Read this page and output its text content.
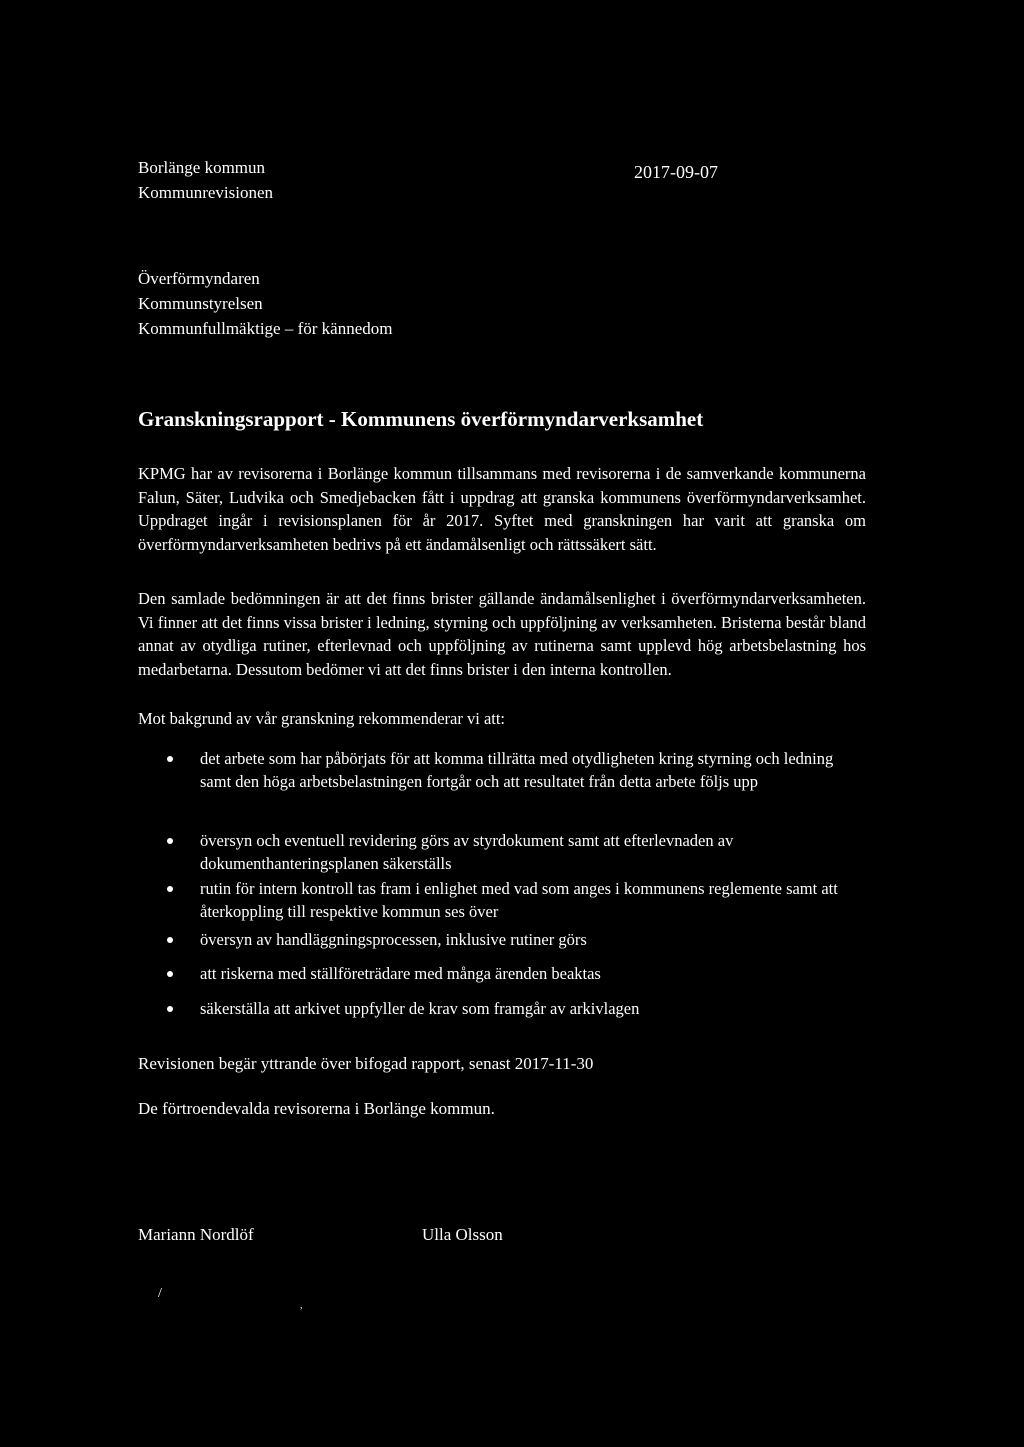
Borlänge kommun
Kommunrevisionen
2017-09-07
Överförmyndaren
Kommunstyrelsen
Kommunfullmäktige – för kännedom
Granskningsrapport - Kommunens överförmyndarverksamhet
KPMG har av revisorerna i Borlänge kommun tillsammans med revisorerna i de samverkande kommunerna Falun, Säter, Ludvika och Smedjebacken fått i uppdrag att granska kommunens överförmyndarverksamhet. Uppdraget ingår i revisionsplanen för år 2017. Syftet med granskningen har varit att granska om överförmyndarverksamheten bedrivs på ett ändamålsenligt och rättssäkert sätt.
Den samlade bedömningen är att det finns brister gällande ändamålsenlighet i överförmyndarverksamheten. Vi finner att det finns vissa brister i ledning, styrning och uppföljning av verksamheten. Bristerna består bland annat av otydliga rutiner, efterlevnad och uppföljning av rutinerna samt upplevd hög arbetsbelastning hos medarbetarna. Dessutom bedömer vi att det finns brister i den interna kontrollen.
Mot bakgrund av vår granskning rekommenderar vi att:
det arbete som har påbörjats för att komma tillrätta med otydligheten kring styrning och ledning samt den höga arbetsbelastningen fortgår och att resultatet från detta arbete följs upp
översyn och eventuell revidering görs av styrdokument samt att efterlevnaden av dokumenthanteringsplanen säkerställs
rutin för intern kontroll tas fram i enlighet med vad som anges i kommunens reglemente samt att återkoppling till respektive kommun ses över
översyn av handläggningsprocessen, inklusive rutiner görs
att riskerna med ställföreträdare med många ärenden beaktas
säkerställa att arkivet uppfyller de krav som framgår av arkivlagen
Revisionen begär yttrande över bifogad rapport, senast 2017-11-30
De förtroendevalda revisorerna i Borlänge kommun.
Mariann Nordlöf	Ulla Olsson
/
,
